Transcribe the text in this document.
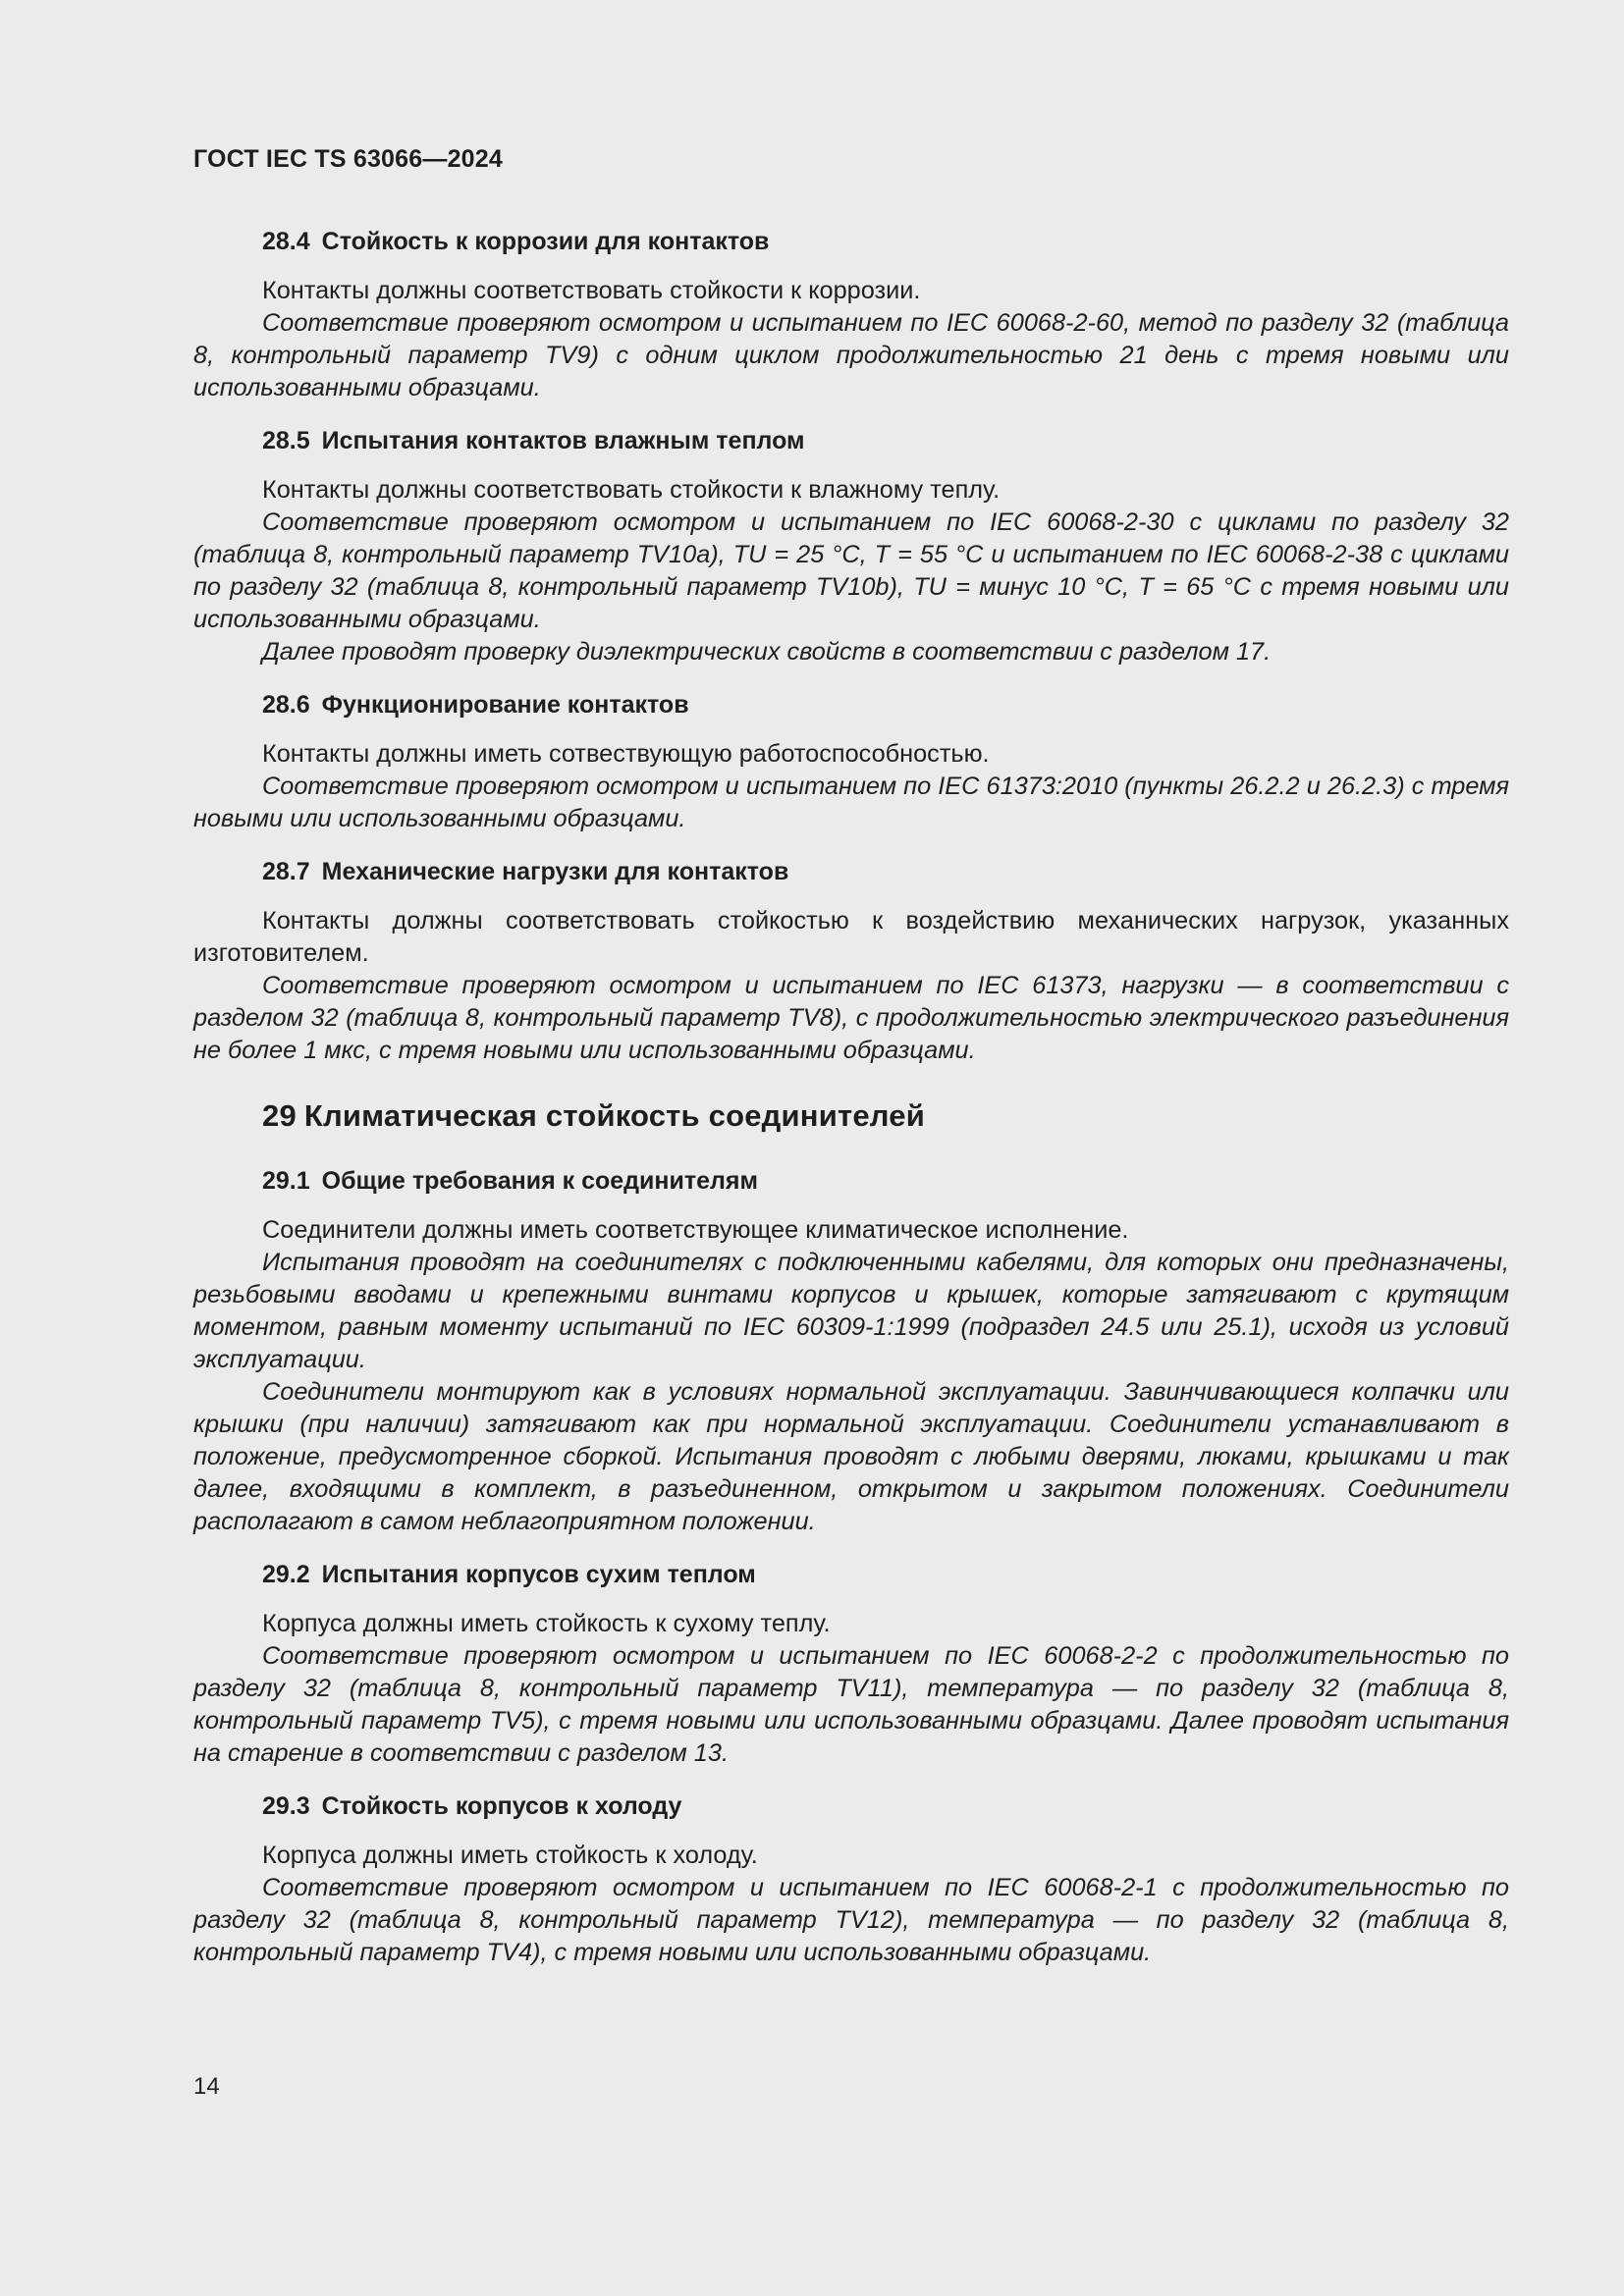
ГОСТ IEC TS 63066—2024
28.4 Стойкость к коррозии для контактов

Контакты должны соответствовать стойкости к коррозии.

Соответствие проверяют осмотром и испытанием по IEC 60068-2-60, метод по разделу 32 (таблица 8, контрольный параметр TV9) с одним циклом продолжительностью 21 день с тремя новыми или использованными образцами.

28.5 Испытания контактов влажным теплом

Контакты должны соответствовать стойкости к влажному теплу.

Соответствие проверяют осмотром и испытанием по IEC 60068-2-30 с циклами по разделу 32 (таблица 8, контрольный параметр TV10a), TU = 25 °C, T = 55 °C и испытанием по IEC 60068-2-38 с циклами по разделу 32 (таблица 8, контрольный параметр TV10b), TU = минус 10 °C, T = 65 °C с тремя новыми или использованными образцами.

Далее проводят проверку диэлектрических свойств в соответствии с разделом 17.

28.6 Функционирование контактов

Контакты должны иметь сотвествующую работоспособностью.

Соответствие проверяют осмотром и испытанием по IEC 61373:2010 (пункты 26.2.2 и 26.2.3) с тремя новыми или использованными образцами.

28.7 Механические нагрузки для контактов

Контакты должны соответствовать стойкостью к воздействию механических нагрузок, указанных изготовителем.

Соответствие проверяют осмотром и испытанием по IEC 61373, нагрузки — в соответствии с разделом 32 (таблица 8, контрольный параметр TV8), с продолжительностью электрического разъединения не более 1 мкс, с тремя новыми или использованными образцами.

29 Климатическая стойкость соединителей
29.1 Общие требования к соединителям

Соединители должны иметь соответствующее климатическое исполнение.

Испытания проводят на соединителях с подключенными кабелями, для которых они предназначены, резьбовыми вводами и крепежными винтами корпусов и крышек, которые затягивают с крутящим моментом, равным моменту испытаний по IEC 60309-1:1999 (подраздел 24.5 или 25.1), исходя из условий эксплуатации.

Соединители монтируют как в условиях нормальной эксплуатации. Завинчивающиеся колпачки или крышки (при наличии) затягивают как при нормальной эксплуатации. Соединители устанавливают в положение, предусмотренное сборкой. Испытания проводят с любыми дверями, люками, крышками и так далее, входящими в комплект, в разъединенном, открытом и закрытом положениях. Соединители располагают в самом неблагоприятном положении.

29.2 Испытания корпусов сухим теплом

Корпуса должны иметь стойкость к сухому теплу.

Соответствие проверяют осмотром и испытанием по IEC 60068-2-2 с продолжительностью по разделу 32 (таблица 8, контрольный параметр TV11), температура — по разделу 32 (таблица 8, контрольный параметр TV5), с тремя новыми или использованными образцами. Далее проводят испытания на старение в соответствии с разделом 13.

29.3 Стойкость корпусов к холоду

Корпуса должны иметь стойкость к холоду.

Соответствие проверяют осмотром и испытанием по IEC 60068-2-1 с продолжительностью по разделу 32 (таблица 8, контрольный параметр TV12), температура — по разделу 32 (таблица 8, контрольный параметр TV4), с тремя новыми или использованными образцами.

14
